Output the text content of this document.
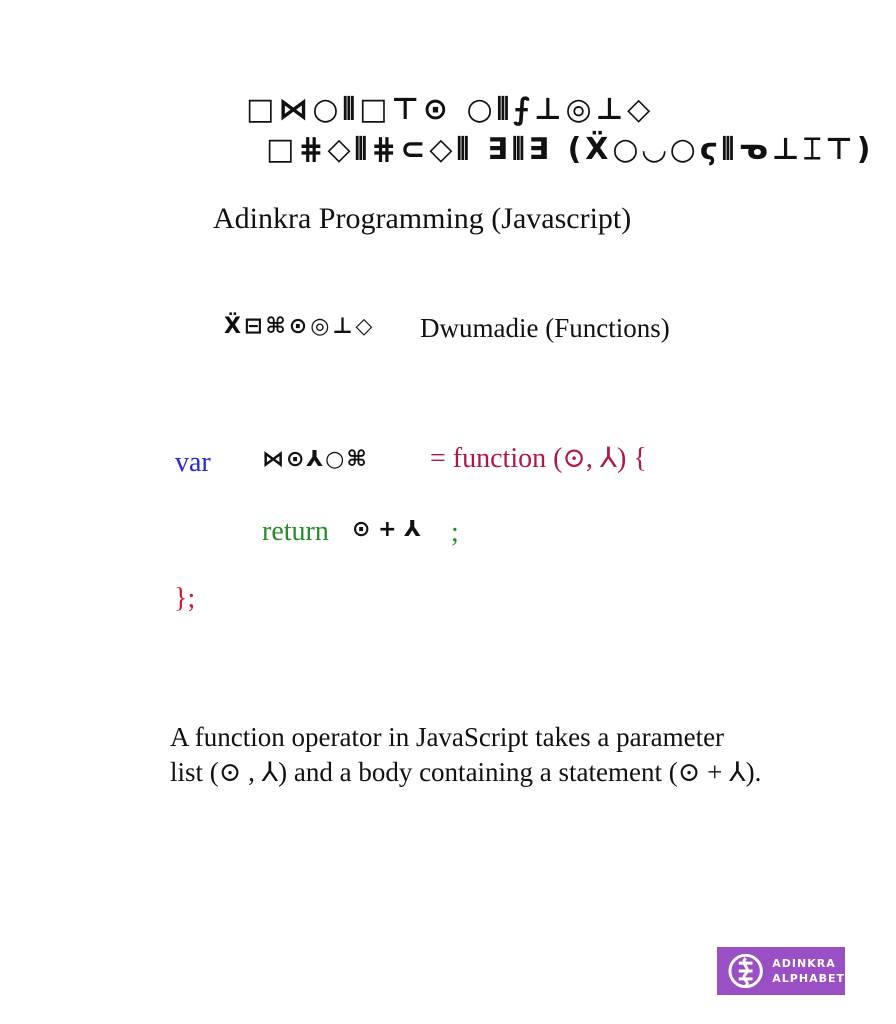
□⋈○⫴□⊤⊙ ○⫴⨍⊥◎⊥◇
□⋕◇⫴⋕⊂◇⫴ ∃⫴∃ (Ẍ○◡○ϛ⫴ᓀ⊥⌶⊤)
Adinkra Programming (Javascript)
Ẍ⊟⌘⊙◎⊥◇ Dwumadie (Functions)
var ⋈⊙⅄○⌘ = function (⊙, ⅄) {
return ⊙ + ⅄ ;
};

A function operator in JavaScript takes a parameter

list (⊙ , ⅄) and a body containing a statement (⊙ + ⅄).

ADINKRA
ALPHABET
